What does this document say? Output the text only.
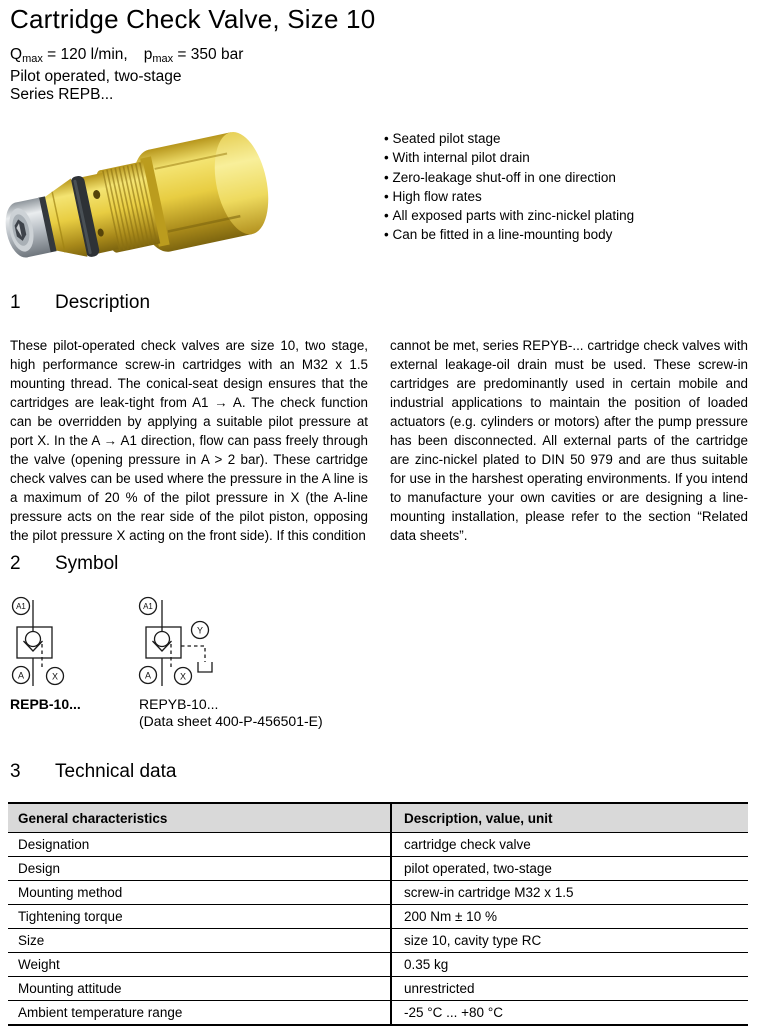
Cartridge Check Valve, Size 10
$Q_{max} = 120$ l/min, $p_{max} = 350$ bar
Pilot operated, two-stage
Series REPB...
• Seated pilot stage
• With internal pilot drain
• Zero-leakage shut-off in one direction
• High flow rates
• All exposed parts with zinc-nickel plating
• Can be fitted in a line-mounting body
1 Description
These pilot-operated check valves are size 10, two stage, high performance screw-in cartridges with an M32 x 1.5 mounting thread. The conical-seat design ensures that the cartridges are leak-tight from A1 → A. The check function can be overridden by applying a suitable pilot pressure at port X. In the A → A1 direction, flow can pass freely through the valve (opening pressure in A > 2 bar). These cartridge check valves can be used where the pressure in the A line is a maximum of 20 % of the pilot pressure in X (the A-line pressure acts on the rear side of the pilot piston, opposing the pilot pressure X acting on the front side). If this condition
cannot be met, series REPYB-... cartridge check valves with external leakage-oil drain must be used. These screw-in cartridges are predominantly used in certain mobile and industrial applications to maintain the position of loaded actuators (e.g. cylinders or motors) after the pump pressure has been disconnected. All external parts of the cartridge are zinc-nickel plated to DIN 50 979 and are thus suitable for use in the harshest operating environments. If you intend to manufacture your own cavities or are designing a line-mounting installation, please refer to the section “Related data sheets”.
2 Symbol
A1
A	X
A1
Y
A	X
REPB-10...	REPYB-10...
(Data sheet 400-P-456501-E)
3 Technical data
General characteristics	Description, value, unit
Designation	cartridge check valve
Design	pilot operated, two-stage
Mounting method	screw-in cartridge M32 x 1.5
Tightening torque	200 Nm ± 10 %
Size	size 10, cavity type RC
Weight	0.35 kg
Mounting attitude	unrestricted
Ambient temperature range	-25 °C ... +80 °C
